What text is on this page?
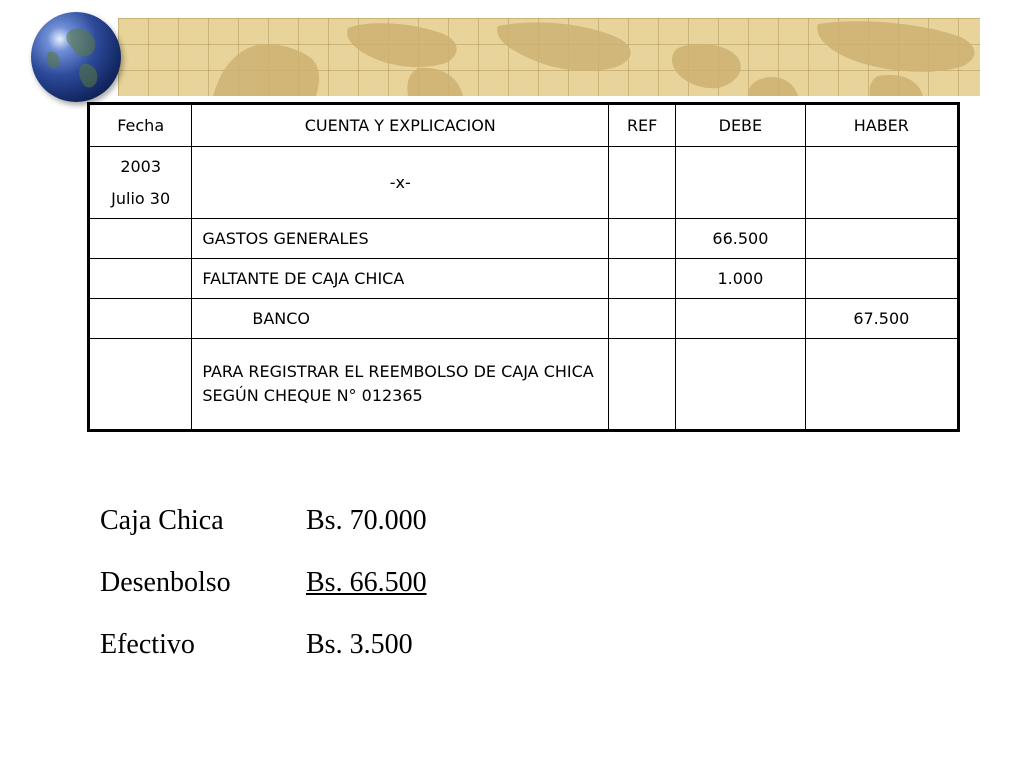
Fecha	CUENTA Y EXPLICACION	REF	DEBE	HABER

2003
Julio 30	-x-			
	GASTOS GENERALES		66.500	
	FALTANTE DE CAJA CHICA		1.000	
	BANCO			67.500
	PARA REGISTRAR EL REEMBOLSO DE CAJA CHICA SEGÚN CHEQUE N° 012365			
Caja Chica	Bs. 70.000
Desenbolso	Bs. 66.500
Efectivo	Bs. 3.500
